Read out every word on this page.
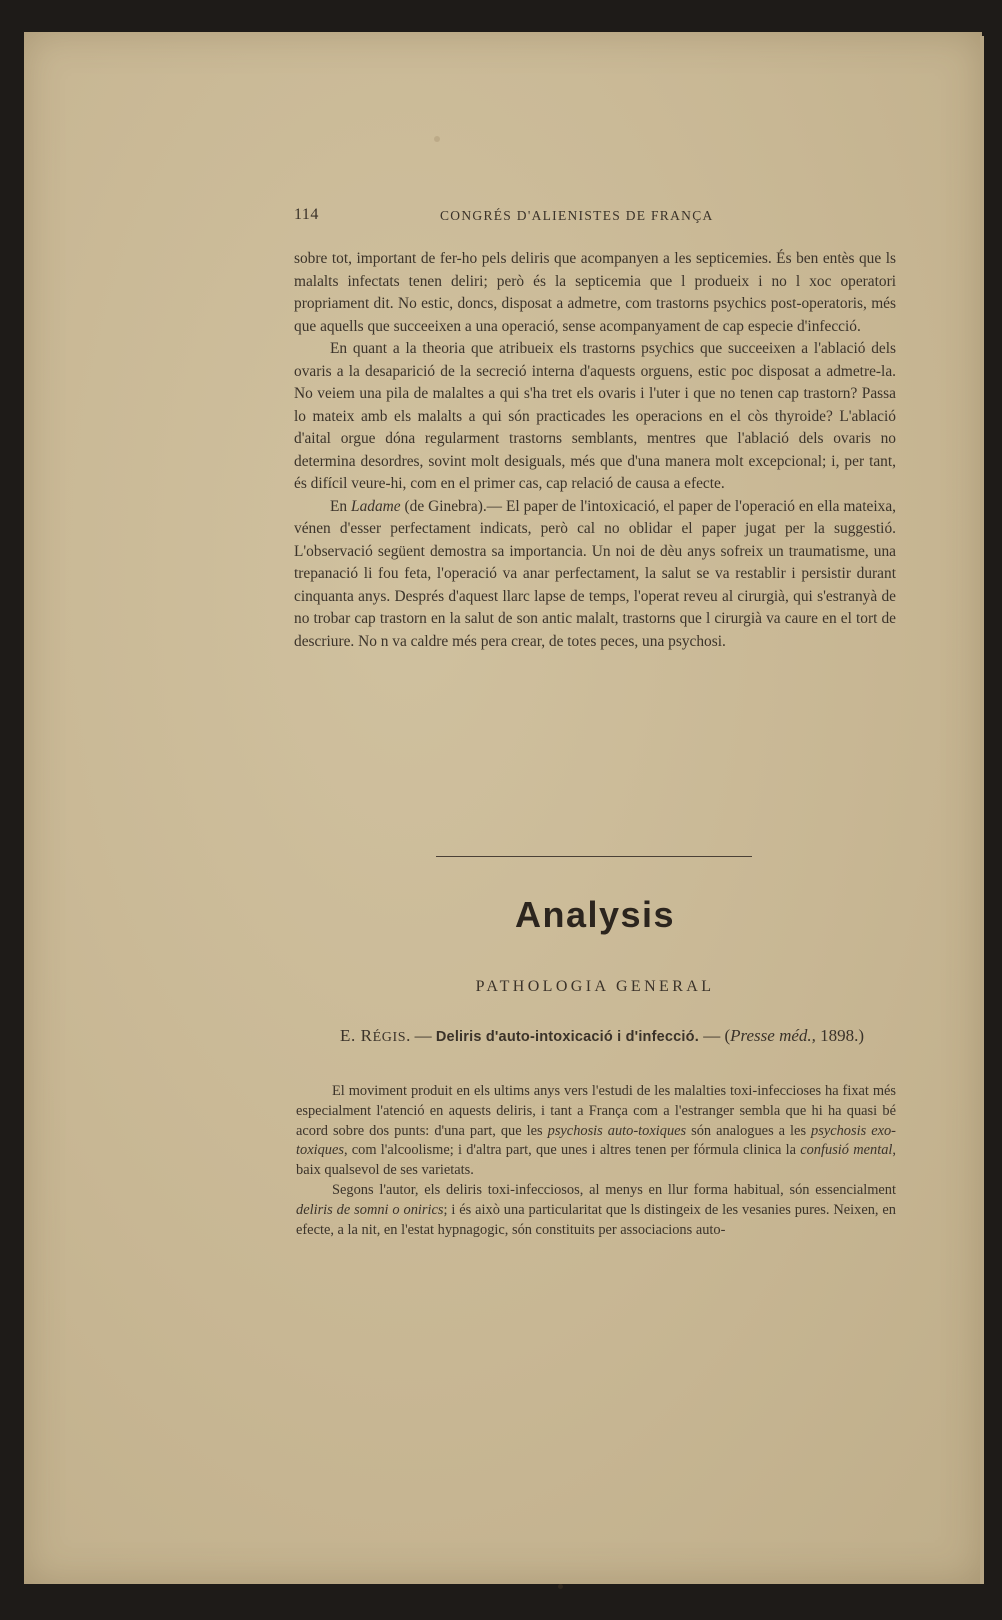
114	CONGRÉS D'ALIENISTES DE FRANÇA

sobre tot, important de fer-ho pels deliris que acompanyen a les septicemies. És ben entès que ls malalts infectats tenen deliri; però és la septicemia que l produeix i no l xoc operatori propriament dit. No estic, doncs, disposat a admetre, com trastorns psychics post-operatoris, més que aquells que succeeixen a una operació, sense acompanyament de cap especie d'infecció.

En quant a la theoria que atribueix els trastorns psychics que succeeixen a l'ablació dels ovaris a la desaparició de la secreció interna d'aquests orguens, estic poc disposat a admetre-la. No veiem una pila de malaltes a qui s'ha tret els ovaris i l'uter i que no tenen cap trastorn? Passa lo mateix amb els malalts a qui són practicades les operacions en el còs thyroide? L'ablació d'aital orgue dóna regularment trastorns semblants, mentres que l'ablació dels ovaris no determina desordres, sovint molt desiguals, més que d'una manera molt excepcional; i, per tant, és difícil veure-hi, com en el primer cas, cap relació de causa a efecte.

En Ladame (de Ginebra).— El paper de l'intoxicació, el paper de l'operació en ella mateixa, vénen d'esser perfectament indicats, però cal no oblidar el paper jugat per la suggestió. L'observació següent demostra sa importancia. Un noi de dèu anys sofreix un traumatisme, una trepanació li fou feta, l'operació va anar perfectament, la salut se va restablir i persistir durant cinquanta anys. Després d'aquest llarc lapse de temps, l'operat reveu al cirurgià, qui s'estranyà de no trobar cap trastorn en la salut de son antic malalt, trastorns que l cirurgià va caure en el tort de descriure. No n va caldre més pera crear, de totes peces, una psychosi.

Analysis
PATHOLOGIA GENERAL
E. RÉGIS. — Deliris d'auto-intoxicació i d'infecció. — (Presse méd., 1898.)

El moviment produit en els ultims anys vers l'estudi de les malalties toxi-infeccioses ha fixat més especialment l'atenció en aquests deliris, i tant a França com a l'estranger sembla que hi ha quasi bé acord sobre dos punts: d'una part, que les psychosis auto-toxiques són analogues a les psychosis exo-toxiques, com l'alcoolisme; i d'altra part, que unes i altres tenen per fórmula clinica la confusió mental, baix qualsevol de ses varietats.

Segons l'autor, els deliris toxi-infecciosos, al menys en llur forma habitual, són essencialment deliris de somni o onirics; i és això una particularitat que ls distingeix de les vesanies pures. Neixen, en efecte, a la nit, en l'estat hypnagogic, són constituits per associacions auto-
